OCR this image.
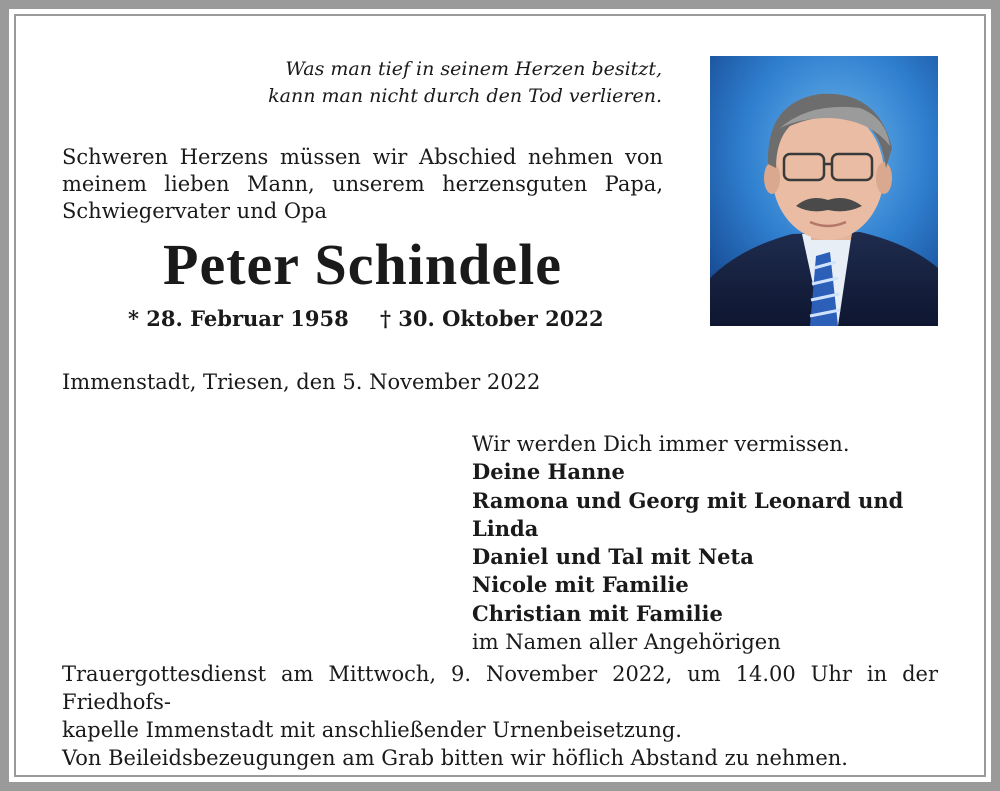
Was man tief in seinem Herzen besitzt,
kann man nicht durch den Tod verlieren.
Schweren Herzens müssen wir Abschied nehmen von
meinem lieben Mann, unserem herzensguten Papa,
Schwiegervater und Opa
Peter Schindele
* 28. Februar 1958 † 30. Oktober 2022
Immenstadt, Triesen, den 5. November 2022
Wir werden Dich immer vermissen.
Deine Hanne
Ramona und Georg mit Leonard und Linda
Daniel und Tal mit Neta
Nicole mit Familie
Christian mit Familie
im Namen aller Angehörigen
Trauergottesdienst am Mittwoch, 9. November 2022, um 14.00 Uhr in der Friedhofs-
kapelle Immenstadt mit anschließender Urnenbeisetzung.
Von Beileidsbezeugungen am Grab bitten wir höflich Abstand zu nehmen.
